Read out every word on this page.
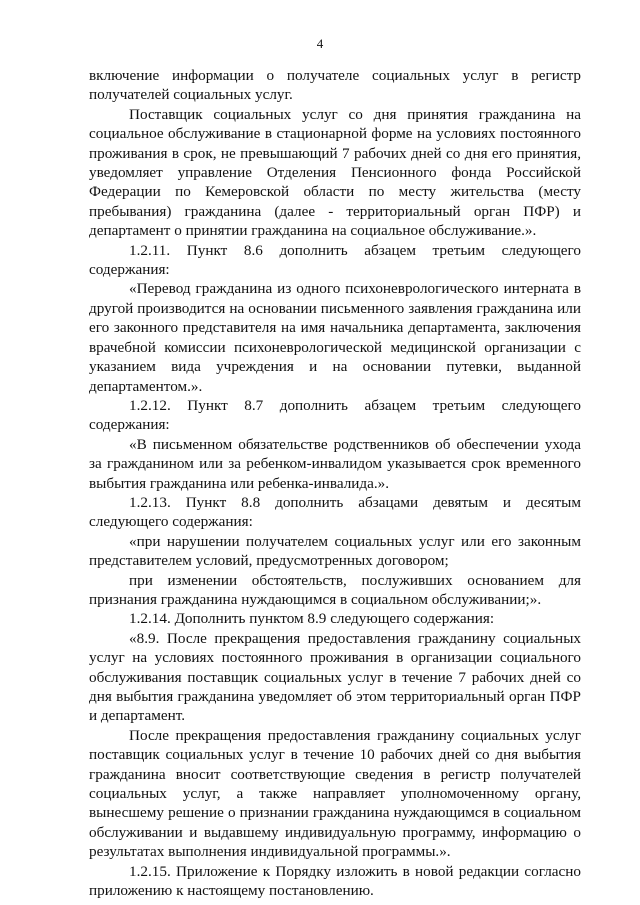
4

включение информации о получателе социальных услуг в регистр получателей социальных услуг.

Поставщик социальных услуг со дня принятия гражданина на социальное обслуживание в стационарной форме на условиях постоянного проживания в срок, не превышающий 7 рабочих дней со дня его принятия, уведомляет управление Отделения Пенсионного фонда Российской Федерации по Кемеровской области по месту жительства (месту пребывания) гражданина (далее - территориальный орган ПФР) и департамент о принятии гражданина на социальное обслуживание.».

1.2.11. Пункт 8.6 дополнить абзацем третьим следующего содержания:

«Перевод гражданина из одного психоневрологического интерната в другой производится на основании письменного заявления гражданина или его законного представителя на имя начальника департамента, заключения врачебной комиссии психоневрологической медицинской организации с указанием вида учреждения и на основании путевки, выданной департаментом.».

1.2.12. Пункт 8.7 дополнить абзацем третьим следующего содержания:

«В письменном обязательстве родственников об обеспечении ухода за гражданином или за ребенком-инвалидом указывается срок временного выбытия гражданина или ребенка-инвалида.».

1.2.13. Пункт 8.8 дополнить абзацами девятым и десятым следующего содержания:

«при нарушении получателем социальных услуг или его законным представителем условий, предусмотренных договором;

при изменении обстоятельств, послуживших основанием для признания гражданина нуждающимся в социальном обслуживании;».

1.2.14. Дополнить пунктом 8.9 следующего содержания:

«8.9. После прекращения предоставления гражданину социальных услуг на условиях постоянного проживания в организации социального обслуживания поставщик социальных услуг в течение 7 рабочих дней со дня выбытия гражданина уведомляет об этом территориальный орган ПФР и департамент.

После прекращения предоставления гражданину социальных услуг поставщик социальных услуг в течение 10 рабочих дней со дня выбытия гражданина вносит соответствующие сведения в регистр получателей социальных услуг, а также направляет уполномоченному органу, вынесшему решение о признании гражданина нуждающимся в социальном обслуживании и выдавшему индивидуальную программу, информацию о результатах выполнения индивидуальной программы.».

1.2.15. Приложение к Порядку изложить в новой редакции согласно приложению к настоящему постановлению.
